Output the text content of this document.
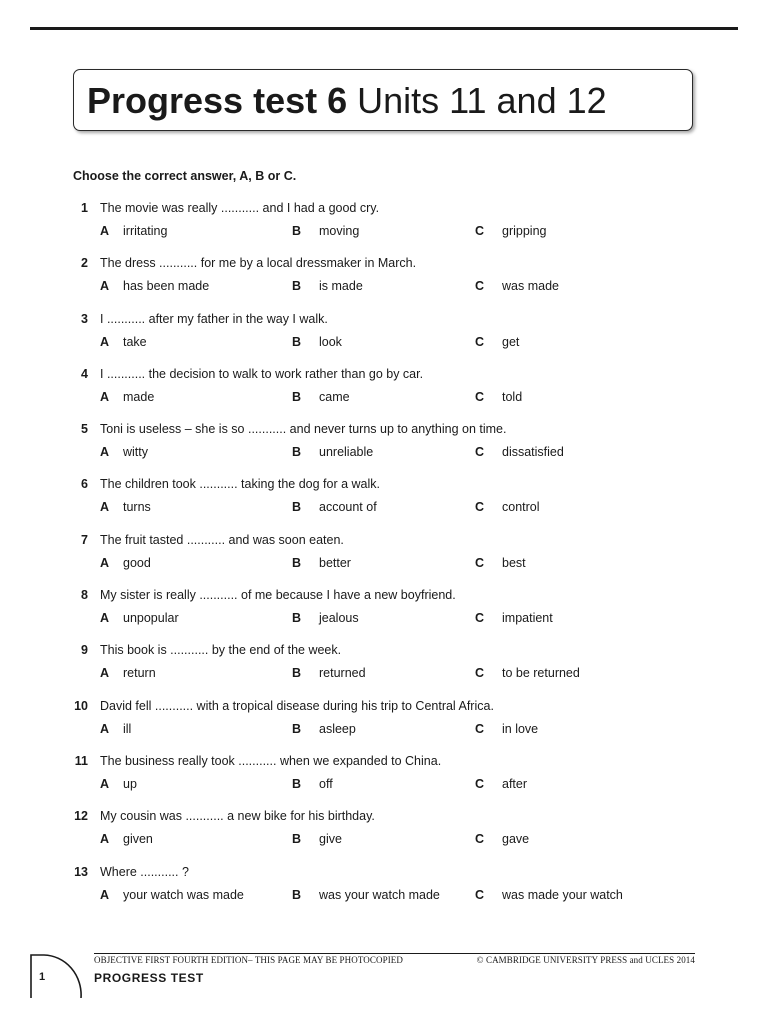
Progress test 6 Units 11 and 12
Choose the correct answer, A, B or C.
1 The movie was really ........... and I had a good cry.
A irritating	B moving	C gripping
2 The dress ........... for me by a local dressmaker in March.
A has been made	B is made	C was made
3 I ........... after my father in the way I walk.
A take	B look	C get
4 I ........... the decision to walk to work rather than go by car.
A made	B came	C told
5 Toni is useless – she is so ........... and never turns up to anything on time.
A witty	B unreliable	C dissatisfied
6 The children took ........... taking the dog for a walk.
A turns	B account of	C control
7 The fruit tasted ........... and was soon eaten.
A good	B better	C best
8 My sister is really ........... of me because I have a new boyfriend.
A unpopular	B jealous	C impatient
9 This book is ........... by the end of the week.
A return	B returned	C to be returned
10 David fell ........... with a tropical disease during his trip to Central Africa.
A ill	B asleep	C in love
11 The business really took ........... when we expanded to China.
A up	B off	C after
12 My cousin was ........... a new bike for his birthday.
A given	B give	C gave
13 Where ........... ?
A your watch was made	B was your watch made	C was made your watch
OBJECTIVE FIRST FOURTH EDITION– THIS PAGE MAY BE PHOTOCOPIED	© CAMBRIDGE UNIVERSITY PRESS and UCLES 2014
1	PROGRESS TEST
